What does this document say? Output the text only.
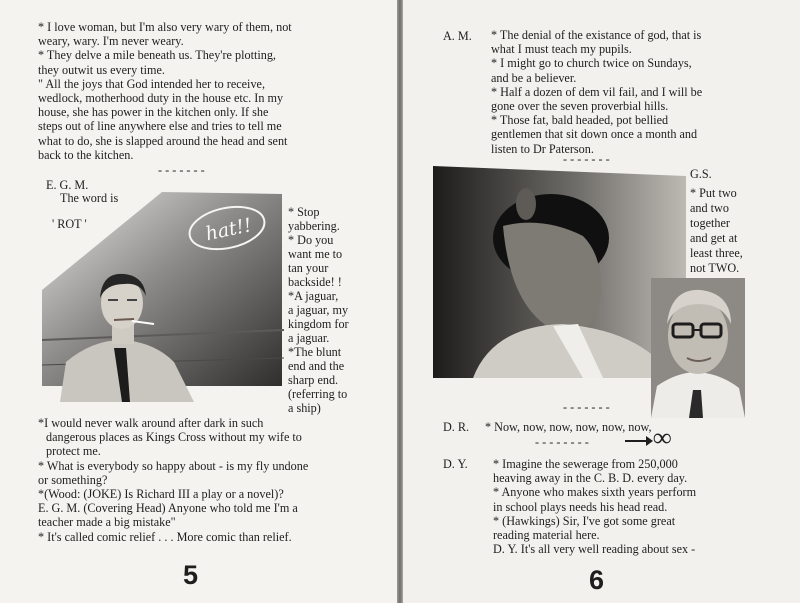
* I love woman, but I'm also very wary of them, not
weary, wary. I'm never weary.
* They delve a mile beneath us. They're plotting,
they outwit us every time.
" All the joys that God intended her to receive,
wedlock, motherhood duty in the house etc. In my
house, she has power in the kitchen only. If she
steps out of line anywhere else and tries to tell me
what to do, she is slapped around the head and sent
back to the kitchen.
- - - - - - -
E. G. M.
The word is
' ROT '	hat!!
* Stop
yabbering.
* Do you
want me to
tan your
backside! !
*A jaguar,
a jaguar, my
kingdom for
a jaguar.
*The blunt
end and the
sharp end.
(referring to
a ship)
*I would never walk around after dark in such
dangerous places as Kings Cross without my wife to
protect me.
* What is everybody so happy about - is my fly undone
or something?
*(Wood: (JOKE) Is Richard III a play or a novel)?
E. G. M. (Covering Head) Anyone who told me I'm a
teacher made a big mistake"
* It's called comic relief . . . More comic than relief.
5
A. M. * The denial of the existance of god, that is
what I must teach my pupils.
* I might go to church twice on Sundays,
and be a believer.
* Half a dozen of dem vil fail, and I will be
gone over the seven proverbial hills.
* Those fat, bald headed, pot bellied
gentlemen that sit down once a month and
listen to Dr Paterson.
- - - - - - -
G.S.
* Put two
and two
together
and get at
least three,
not TWO.
- - - - - - -
D. R. * Now, now, now, now, now, now,
- - - - - - - - ∞
D. Y. * Imagine the sewerage from 250,000
heaving away in the C. B. D. every day.
* Anyone who makes sixth years perform
in school plays needs his head read.
* (Hawkings) Sir, I've got some great
reading material here.
D. Y. It's all very well reading about sex -
6
